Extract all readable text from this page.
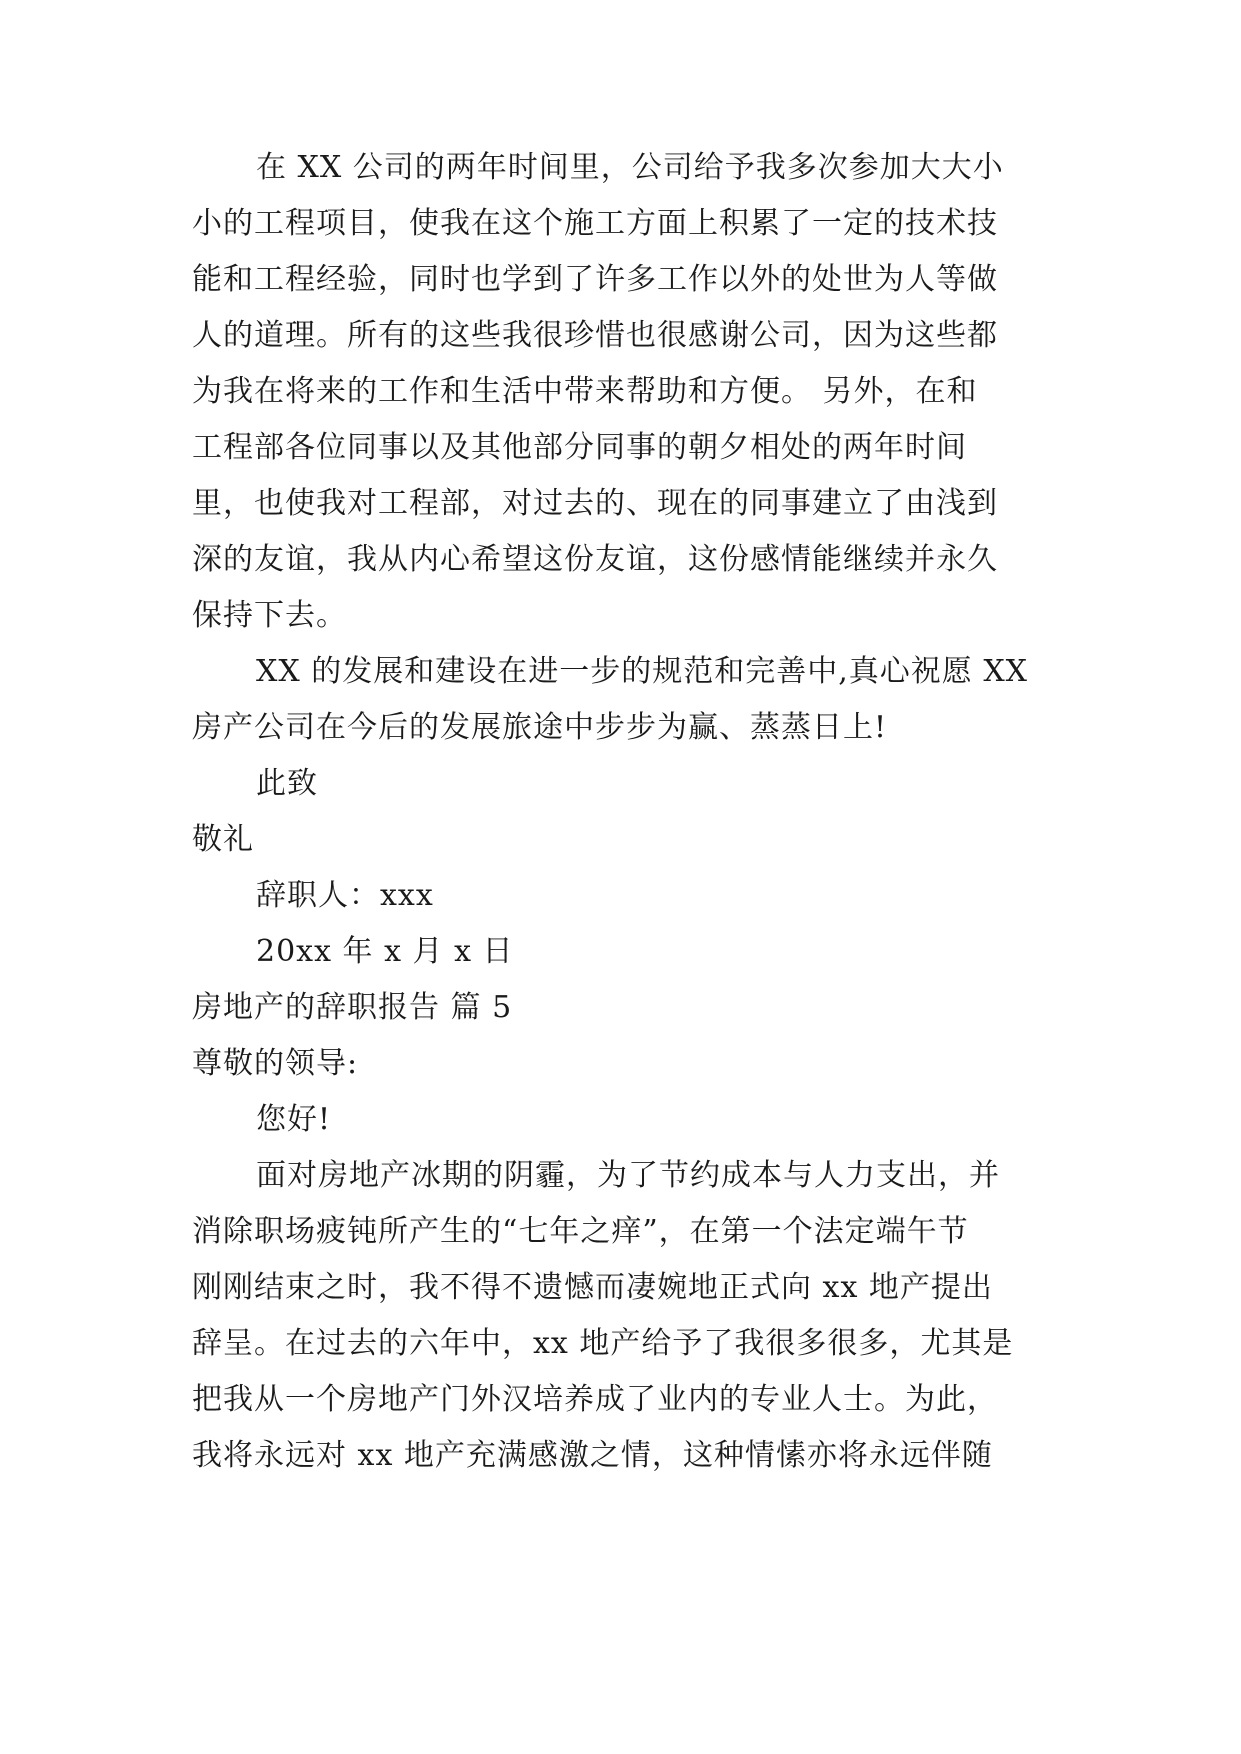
在 XX 公司的两年时间里，公司给予我多次参加大大小
小的工程项目，使我在这个施工方面上积累了一定的技术技
能和工程经验，同时也学到了许多工作以外的处世为人等做
人的道理。所有的这些我很珍惜也很感谢公司，因为这些都
为我在将来的工作和生活中带来帮助和方便。 另外，在和
工程部各位同事以及其他部分同事的朝夕相处的两年时间
里，也使我对工程部，对过去的、现在的同事建立了由浅到
深的友谊，我从内心希望这份友谊，这份感情能继续并永久
保持下去。
XX 的发展和建设在进一步的规范和完善中,真心祝愿 XX
房产公司在今后的发展旅途中步步为赢、蒸蒸日上!
此致
敬礼
辞职人：xxx
20xx 年 x 月 x 日
房地产的辞职报告 篇 5
尊敬的领导:
您好!
面对房地产冰期的阴霾，为了节约成本与人力支出，并
消除职场疲钝所产生的“七年之痒”，在第一个法定端午节
刚刚结束之时，我不得不遗憾而凄婉地正式向 xx 地产提出
辞呈。在过去的六年中，xx 地产给予了我很多很多，尤其是
把我从一个房地产门外汉培养成了业内的专业人士。为此，
我将永远对 xx 地产充满感激之情，这种情愫亦将永远伴随
